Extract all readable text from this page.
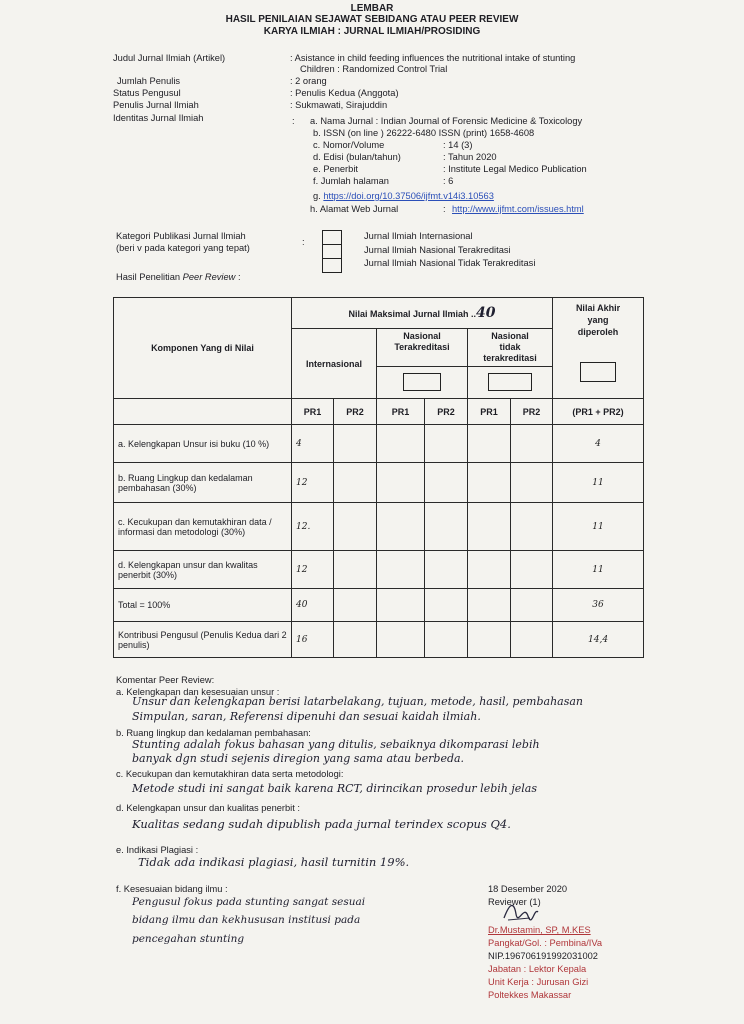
LEMBAR
HASIL PENILAIAN SEJAWAT SEBIDANG ATAU PEER REVIEW
KARYA ILMIAH : JURNAL ILMIAH/PROSIDING
Judul Jurnal Ilmiah (Artikel)	: Asistance in child feeding influences the nutritional intake of stunting
Children : Randomized Control Trial
Jumlah Penulis	: 2 orang
Status Pengusul	: Penulis Kedua (Anggota)
Penulis Jurnal Ilmiah	: Sukmawati, Sirajuddin
Identitas Jurnal Ilmiah	: a. Nama Jurnal : Indian Journal of Forensic Medicine & Toxicology
b. ISSN (on line ) 26222-6480 ISSN (print) 1658-4608
c. Nomor/Volume	: 14 (3)
d. Edisi (bulan/tahun)	: Tahun 2020
e. Penerbit	: Institute Legal Medico Publication
f. Jumlah halaman	: 6
g. https://doi.org/10.37506/ijfmt.v14i3.10563
h. Alamat Web Jurnal	: http://www.ijfmt.com/issues.html
Kategori Publikasi Jurnal Ilmiah
(beri v pada kategori yang tepat)
:
Jurnal Ilmiah Internasional
Jurnal Ilmiah Nasional Terakreditasi
Jurnal Ilmiah Nasional Tidak Terakreditasi
Hasil Penelitian Peer Review :
Komponen Yang di Nilai	Nilai Maksimal Jurnal Ilmiah ..40						Nilai Akhir
yang
diperoleh

	Internasional		Nasional Terakreditasi		Nasional
tidak
terakreditasi		

	PR1	PR2	PR1	PR2	PR1	PR2	(PR1 + PR2)
a. Kelengkapan Unsur isi buku (10 %)	4						4
b. Ruang Lingkup dan kedalaman pembahasan (30%)	12						11
c. Kecukupan dan kemutakhiran data / informasi dan metodologi (30%)	12.						11
d. Kelengkapan unsur dan kwalitas penerbit (30%)	12						11
Total = 100%	40						36
Kontribusi Pengusul (Penulis Kedua dari 2 penulis)	16						14,4
Komentar Peer Review:
a. Kelengkapan dan kesesuaian unsur :
Unsur dan kelengkapan berisi latarbelakang, tujuan, metode, hasil, pembahasan
Simpulan, saran, Referensi dipenuhi dan sesuai kaidah ilmiah.
b. Ruang lingkup dan kedalaman pembahasan:
Stunting adalah fokus bahasan yang ditulis, sebaiknya dikomparasi lebih
banyak dgn studi sejenis diregion yang sama atau berbeda.
c. Kecukupan dan kemutakhiran data serta metodologi:
Metode studi ini sangat baik karena RCT, dirincikan prosedur lebih jelas
d. Kelengkapan unsur dan kualitas penerbit :
Kualitas sedang sudah dipublish pada jurnal terindex scopus Q4.
e. Indikasi Plagiasi :
Tidak ada indikasi plagiasi, hasil turnitin 19%.
f. Kesesuaian bidang ilmu :
Pengusul fokus pada stunting sangat sesuai
bidang ilmu dan kekhususan institusi pada
pencegahan stunting
18 Desember 2020
Reviewer (1)
Dr.Mustamin, SP, M.KES
Pangkat/Gol. : Pembina/IVa
NIP.196706191992031002
Jabatan : Lektor Kepala
Unit Kerja : Jurusan Gizi
Poltekkes Makassar
